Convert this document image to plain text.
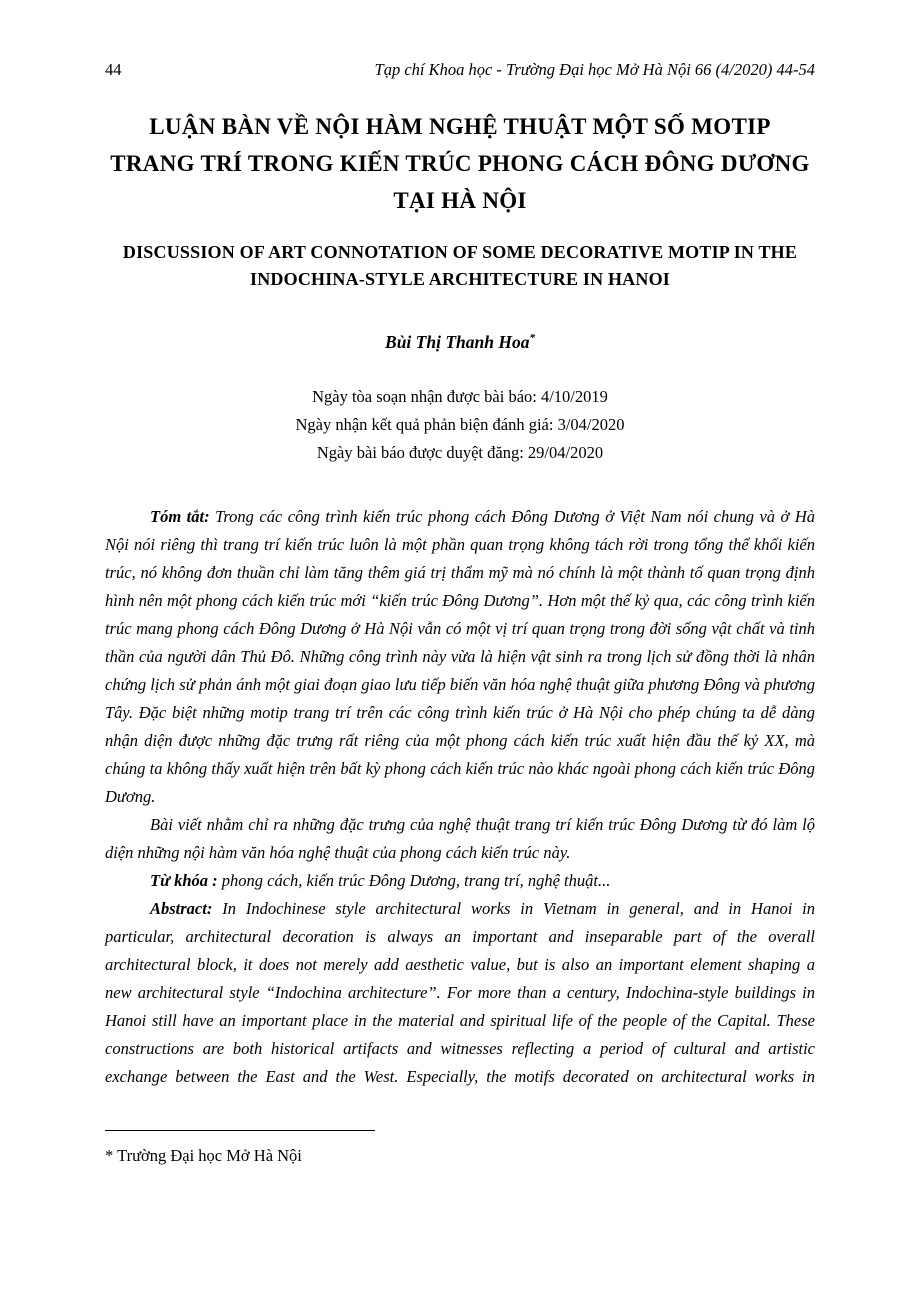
44	Tạp chí Khoa học - Trường Đại học Mở Hà Nội 66 (4/2020) 44-54
LUẬN BÀN VỀ NỘI HÀM NGHỆ THUẬT MỘT SỐ MOTIP TRANG TRÍ TRONG KIẾN TRÚC PHONG CÁCH ĐÔNG DƯƠNG TẠI HÀ NỘI
DISCUSSION OF ART CONNOTATION OF SOME DECORATIVE MOTIP IN THE INDOCHINA-STYLE ARCHITECTURE IN HANOI
Bùi Thị Thanh Hoa*
Ngày tòa soạn nhận được bài báo: 4/10/2019
Ngày nhận kết quả phản biện đánh giá: 3/04/2020
Ngày bài báo được duyệt đăng: 29/04/2020

Tóm tắt: Trong các công trình kiến trúc phong cách Đông Dương ở Việt Nam nói chung và ở Hà Nội nói riêng thì trang trí kiến trúc luôn là một phần quan trọng không tách rời trong tổng thể khối kiến trúc, nó không đơn thuần chỉ làm tăng thêm giá trị thẩm mỹ mà nó chính là một thành tố quan trọng định hình nên một phong cách kiến trúc mới “kiến trúc Đông Dương”. Hơn một thế kỷ qua, các công trình kiến trúc mang phong cách Đông Dương ở Hà Nội vẫn có một vị trí quan trọng trong đời sống vật chất và tinh thần của người dân Thủ Đô. Những công trình này vừa là hiện vật sinh ra trong lịch sử đồng thời là nhân chứng lịch sử phản ánh một giai đoạn giao lưu tiếp biến văn hóa nghệ thuật giữa phương Đông và phương Tây. Đặc biệt những motip trang trí trên các công trình kiến trúc ở Hà Nội cho phép chúng ta dễ dàng nhận diện được những đặc trưng rất riêng của một phong cách kiến trúc xuất hiện đầu thế kỷ XX, mà chúng ta không thấy xuất hiện trên bất kỳ phong cách kiến trúc nào khác ngoài phong cách kiến trúc Đông Dương.

Bài viết nhằm chỉ ra những đặc trưng của nghệ thuật trang trí kiến trúc Đông Dương từ đó làm lộ diện những nội hàm văn hóa nghệ thuật của phong cách kiến trúc này.

Từ khóa : phong cách, kiến trúc Đông Dương, trang trí, nghệ thuật...

Abstract: In Indochinese style architectural works in Vietnam in general, and in Hanoi in particular, architectural decoration is always an important and inseparable part of the overall architectural block, it does not merely add aesthetic value, but is also an important element shaping a new architectural style “Indochina architecture”. For more than a century, Indochina-style buildings in Hanoi still have an important place in the material and spiritual life of the people of the Capital. These constructions are both historical artifacts and witnesses reflecting a period of cultural and artistic exchange between the East and the West. Especially, the motifs decorated on architectural works in

* Trường Đại học Mở Hà Nội
